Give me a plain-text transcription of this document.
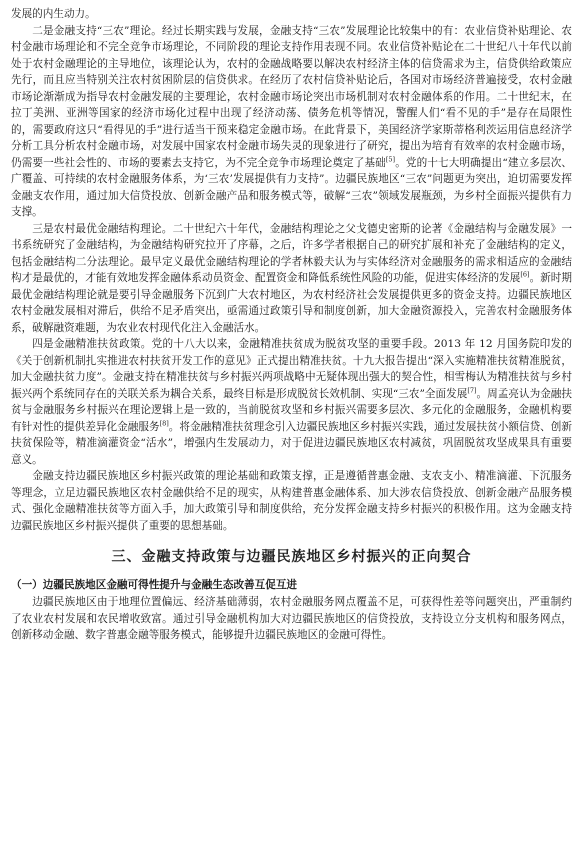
发展的内生动力。

二是金融支持“三农”理论。经过长期实践与发展，金融支持“三农”发展理论比较集中的有：农业信贷补贴理论、农村金融市场理论和不完全竞争市场理论，不同阶段的理论支持作用表现不同。农业信贷补贴论在二十世纪八十年代以前处于农村金融理论的主导地位，该理论认为，农村的金融战略要以解决农村经济主体的信贷需求为主，信贷供给政策应先行，而且应当特别关注农村贫困阶层的信贷供求。在经历了农村信贷补贴论后，各国对市场经济普遍接受，农村金融市场论渐渐成为指导农村金融发展的主要理论，农村金融市场论突出市场机制对农村金融体系的作用。二十世纪末，在拉丁美洲、亚洲等国家的经济市场化过程中出现了经济动荡、债务危机等情况，警醒人们“看不见的手”是存在局限性的，需要政府这只“看得见的手”进行适当干预来稳定金融市场。在此背景下，美国经济学家斯蒂格利茨运用信息经济学分析工具分析农村金融市场，对发展中国家农村金融市场失灵的现象进行了研究，提出为培育有效率的农村金融市场，仍需要一些社会性的、市场的要素去支持它，为不完全竞争市场理论奠定了基础[5]。党的十七大明确提出“建立多层次、广覆盖、可持续的农村金融服务体系，为‘三农’发展提供有力支持”。边疆民族地区“三农”问题更为突出，迫切需要发挥金融支农作用，通过加大信贷投放、创新金融产品和服务模式等，破解“三农”领域发展瓶颈，为乡村全面振兴提供有力支撑。

三是农村最优金融结构理论。二十世纪六十年代，金融结构理论之父戈德史密斯的论著《金融结构与金融发展》一书系统研究了金融结构，为金融结构研究拉开了序幕，之后，许多学者根据自己的研究扩展和补充了金融结构的定义，包括金融结构二分法理论。最早定义最优金融结构理论的学者林毅夫认为与实体经济对金融服务的需求相适应的金融结构才是最优的，才能有效地发挥金融体系动员资金、配置资金和降低系统性风险的功能，促进实体经济的发展[6]。新时期最优金融结构理论就是要引导金融服务下沉到广大农村地区，为农村经济社会发展提供更多的资金支持。边疆民族地区农村金融发展相对滞后，供给不足矛盾突出，亟需通过政策引导和制度创新，加大金融资源投入，完善农村金融服务体系，破解融资难题，为农业农村现代化注入金融活水。

四是金融精准扶贫政策。党的十八大以来，金融精准扶贫成为脱贫攻坚的重要手段。2013 年 12 月国务院印发的《关于创新机制扎实推进农村扶贫开发工作的意见》正式提出精准扶贫。十九大报告提出“深入实施精准扶贫精准脱贫，加大金融扶贫力度”。金融支持在精准扶贫与乡村振兴两项战略中无疑体现出强大的契合性，相雪梅认为精准扶贫与乡村振兴两个系统同存在的关联关系为耦合关系，最终目标是形成脱贫长效机制、实现“三农”全面发展[7]。周孟亮认为金融扶贫与金融服务乡村振兴在理论逻辑上是一致的，当前脱贫攻坚和乡村振兴需要多层次、多元化的金融服务，金融机构要有针对性的提供差异化金融服务[8]。将金融精准扶贫理念引入边疆民族地区乡村振兴实践，通过发展扶贫小额信贷、创新扶贫保险等，精准滴灌资金“活水”，增强内生发展动力，对于促进边疆民族地区农村减贫，巩固脱贫攻坚成果具有重要意义。

金融支持边疆民族地区乡村振兴政策的理论基础和政策支撑，正是遵循普惠金融、支农支小、精准滴灌、下沉服务等理念，立足边疆民族地区农村金融供给不足的现实，从构建普惠金融体系、加大涉农信贷投放、创新金融产品服务模式、强化金融精准扶贫等方面入手，加大政策引导和制度供给，充分发挥金融支持乡村振兴的积极作用。这为金融支持边疆民族地区乡村振兴提供了重要的思想基础。

三、金融支持政策与边疆民族地区乡村振兴的正向契合
（一）边疆民族地区金融可得性提升与金融生态改善互促互进

边疆民族地区由于地理位置偏远、经济基础薄弱，农村金融服务网点覆盖不足，可获得性差等问题突出，严重制约了农业农村发展和农民增收致富。通过引导金融机构加大对边疆民族地区的信贷投放，支持设立分支机构和服务网点，创新移动金融、数字普惠金融等服务模式，能够提升边疆民族地区的金融可得性。
